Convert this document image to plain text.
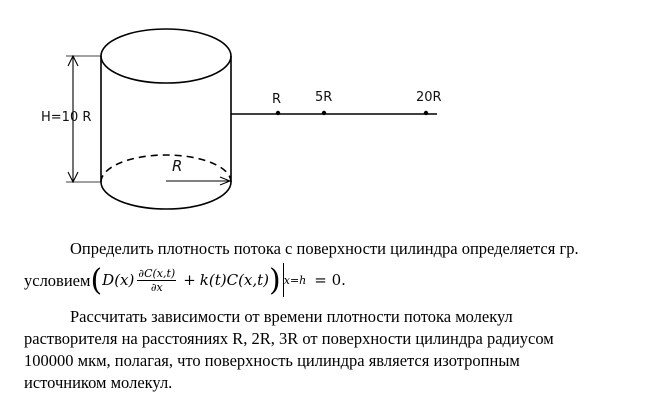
H=10 R
R
R	5R	20R
Определить плотность потока с поверхности цилиндра определяется гр.
условием ( D $(x) \frac{\partial C(x,t)}{\partial x} + k(t)C(x,t)$ ) x=h = 0.
Рассчитать зависимости от времени плотности потока молекул
растворителя на расстояниях R, 2R, 3R от поверхности цилиндра радиусом
100000 мкм, полагая, что поверхность цилиндра является изотропным
источником молекул.
